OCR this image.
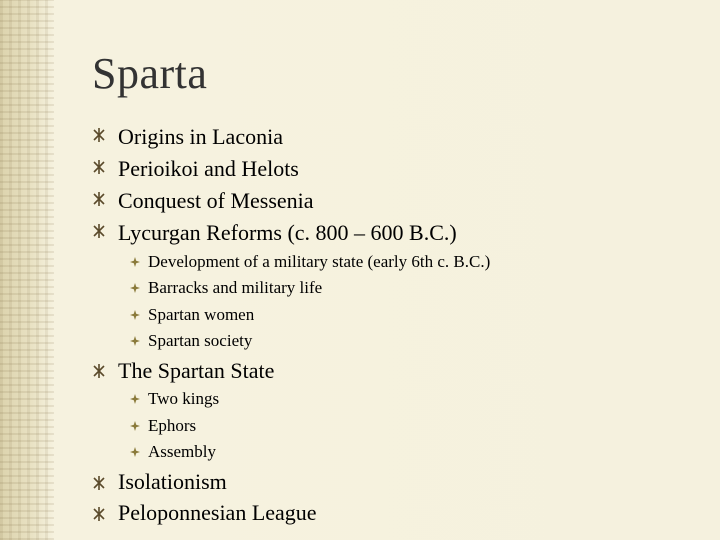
Sparta
Origins in Laconia
Perioikoi and Helots
Conquest of Messenia
Lycurgan Reforms (c. 800 – 600 B.C.)
Development of a military state (early 6th c. B.C.)
Barracks and military life
Spartan women
Spartan society
The Spartan State
Two kings
Ephors
Assembly
Isolationism
Peloponnesian League
